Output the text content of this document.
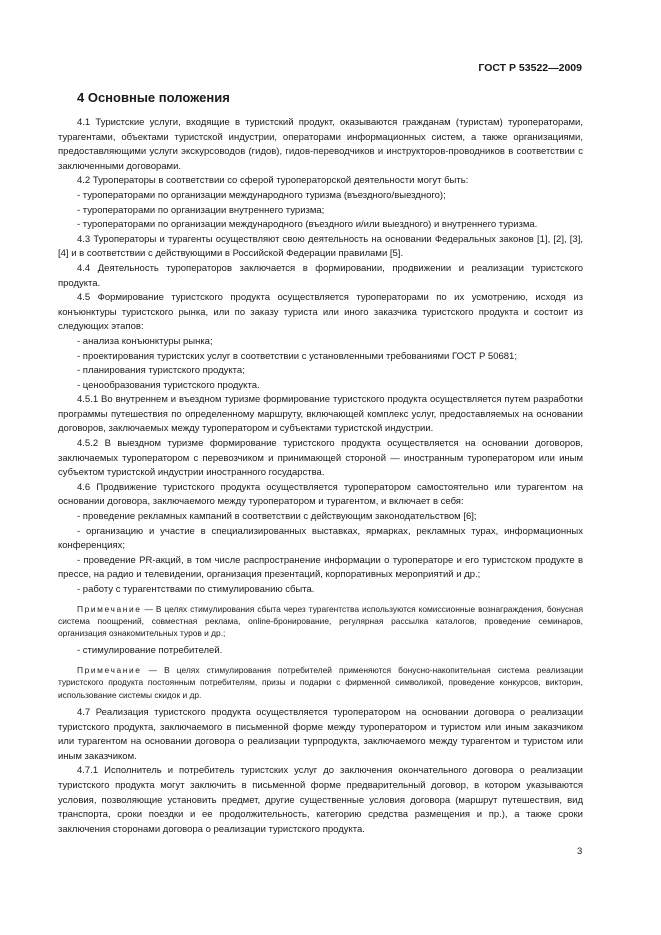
ГОСТ Р 53522—2009
4 Основные положения

4.1 Туристские услуги, входящие в туристский продукт, оказываются гражданам (туристам) туроператорами, турагентами, объектами туристской индустрии, операторами информационных систем, а также организациями, предоставляющими услуги экскурсоводов (гидов), гидов-переводчиков и инструкторов-проводников в соответствии с заключенными договорами.

4.2 Туроператоры в соответствии со сферой туроператорской деятельности могут быть:

- туроператорами по организации международного туризма (въездного/выездного);

- туроператорами по организации внутреннего туризма;

- туроператорами по организации международного (въездного и/или выездного) и внутреннего туризма.

4.3 Туроператоры и турагенты осуществляют свою деятельность на основании Федеральных законов [1], [2], [3], [4] и в соответствии с действующими в Российской Федерации правилами [5].

4.4 Деятельность туроператоров заключается в формировании, продвижении и реализации туристского продукта.

4.5 Формирование туристского продукта осуществляется туроператорами по их усмотрению, исходя из конъюнктуры туристского рынка, или по заказу туриста или иного заказчика туристского продукта и состоит из следующих этапов:

- анализа конъюнктуры рынка;

- проектирования туристских услуг в соответствии с установленными требованиями ГОСТ Р 50681;

- планирования туристского продукта;

- ценообразования туристского продукта.

4.5.1 Во внутреннем и въездном туризме формирование туристского продукта осуществляется путем разработки программы путешествия по определенному маршруту, включающей комплекс услуг, предоставляемых на основании договоров, заключаемых между туроператором и субъектами туристской индустрии.

4.5.2 В выездном туризме формирование туристского продукта осуществляется на основании договоров, заключаемых туроператором с перевозчиком и принимающей стороной — иностранным туроператором или иным субъектом туристской индустрии иностранного государства.

4.6 Продвижение туристского продукта осуществляется туроператором самостоятельно или турагентом на основании договора, заключаемого между туроператором и турагентом, и включает в себя:

- проведение рекламных кампаний в соответствии с действующим законодательством [6];

- организацию и участие в специализированных выставках, ярмарках, рекламных турах, информационных конференциях;

- проведение PR-акций, в том числе распространение информации о туроператоре и его туристском продукте в прессе, на радио и телевидении, организация презентаций, корпоративных мероприятий и др.;

- работу с турагентствами по стимулированию сбыта.

Примечание — В целях стимулирования сбыта через турагентства используются комиссионные вознаграждения, бонусная система поощрений, совместная реклама, online-бронирование, регулярная рассылка каталогов, проведение семинаров, организация ознакомительных туров и др.;

- стимулирование потребителей.

Примечание — В целях стимулирования потребителей применяются бонусно-накопительная система реализации туристского продукта постоянным потребителям, призы и подарки с фирменной символикой, проведение конкурсов, викторин, использование системы скидок и др.

4.7 Реализация туристского продукта осуществляется туроператором на основании договора о реализации туристского продукта, заключаемого в письменной форме между туроператором и туристом или иным заказчиком или турагентом на основании договора о реализации турпродукта, заключаемого между турагентом и туристом или иным заказчиком.

4.7.1 Исполнитель и потребитель туристских услуг до заключения окончательного договора о реализации туристского продукта могут заключить в письменной форме предварительный договор, в котором указываются условия, позволяющие установить предмет, другие существенные условия договора (маршрут путешествия, вид транспорта, сроки поездки и ее продолжительность, категорию средства размещения и пр.), а также сроки заключения сторонами договора о реализации туристского продукта.

3
